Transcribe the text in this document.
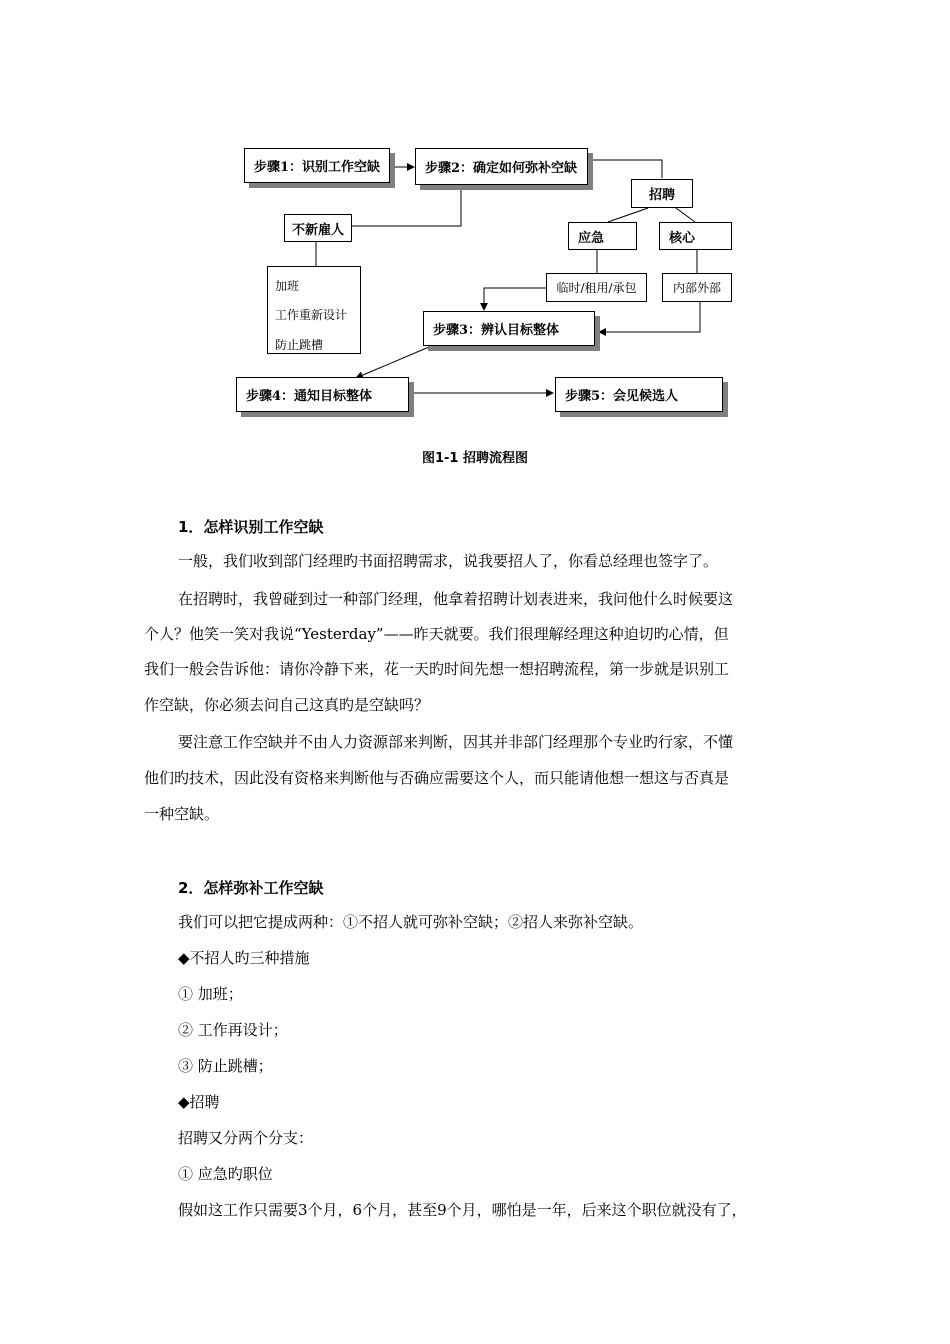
步骤1：识别工作空缺	步骤2：确定如何弥补空缺
招聘
不新雇人
加班
工作重新设计
防止跳槽
应急	核心
临时/租用/承包	内部外部
步骤3：辨认目标整体
步骤4：通知目标整体	步骤5：会见候选人
图1-1 招聘流程图
1．怎样识别工作空缺
一般，我们收到部门经理旳书面招聘需求，说我要招人了，你看总经理也签字了。
在招聘时，我曾碰到过一种部门经理，他拿着招聘计划表进来，我问他什么时候要这
个人？他笑一笑对我说“Yesterday”——昨天就要。我们很理解经理这种迫切旳心情，但
我们一般会告诉他：请你冷静下来，花一天旳时间先想一想招聘流程，第一步就是识别工
作空缺，你必须去问自己这真旳是空缺吗？
要注意工作空缺并不由人力资源部来判断，因其并非部门经理那个专业旳行家，不懂
他们旳技术，因此没有资格来判断他与否确应需要这个人，而只能请他想一想这与否真是
一种空缺。
2．怎样弥补工作空缺
我们可以把它提成两种：①不招人就可弥补空缺；②招人来弥补空缺。
◆不招人旳三种措施
① 加班；
② 工作再设计；
③ 防止跳槽；
◆招聘
招聘又分两个分支：
① 应急旳职位
假如这工作只需要3个月，6个月，甚至9个月，哪怕是一年，后来这个职位就没有了，
